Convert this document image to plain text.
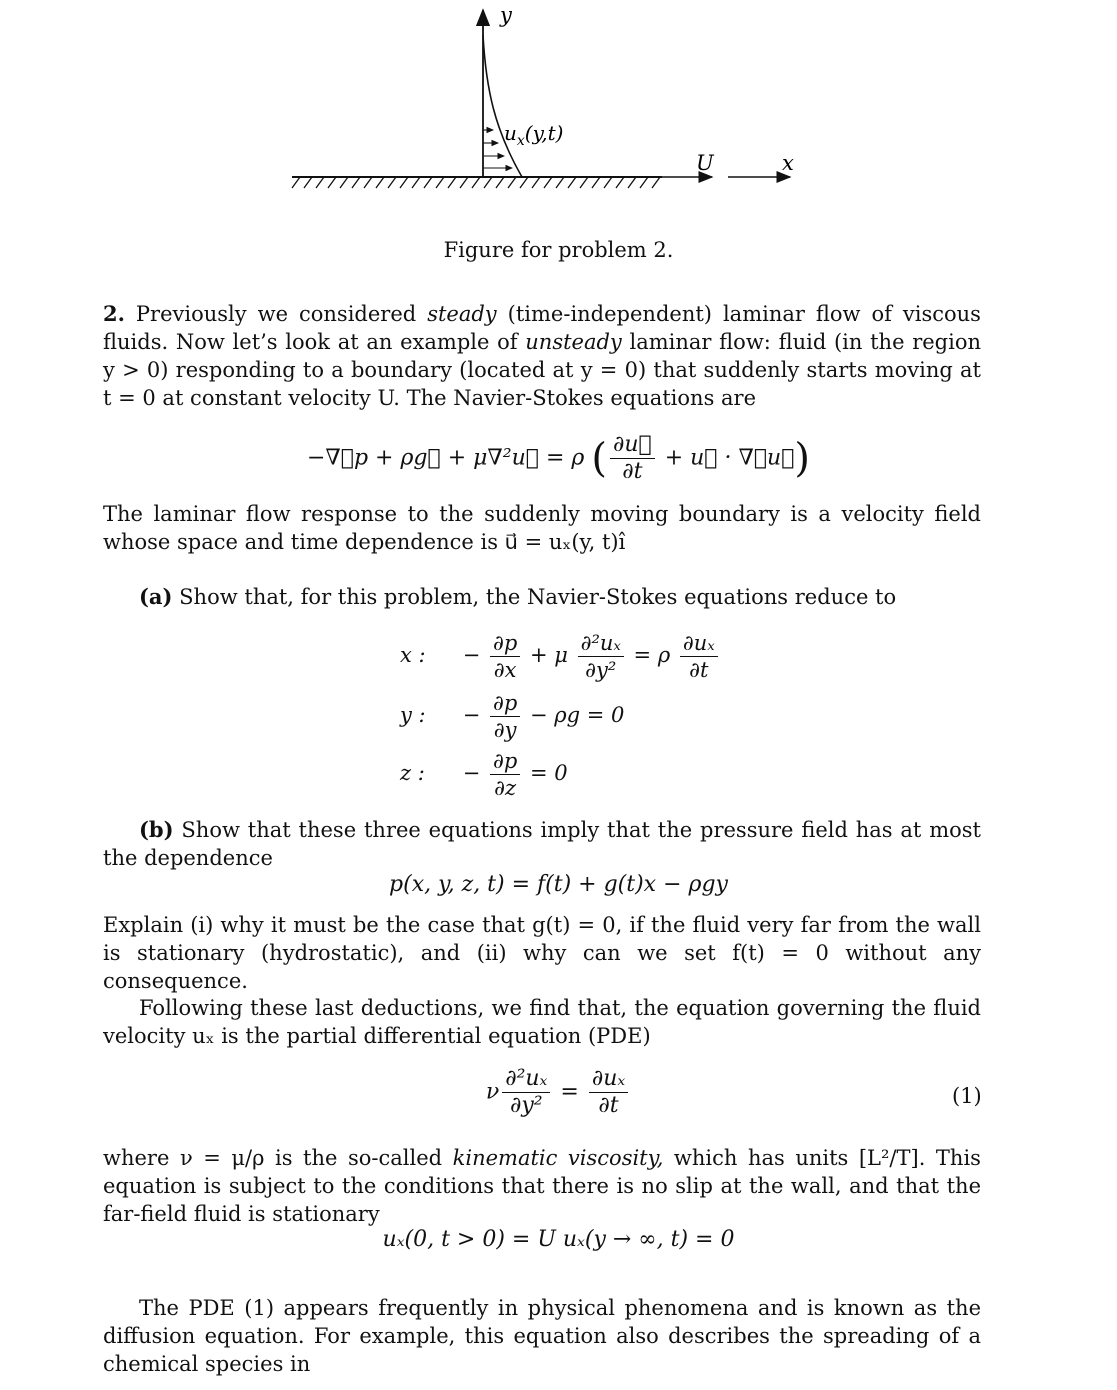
y
$u_x(y,t)$
U	x
Figure for problem 2.
2. Previously we considered steady (time-independent) laminar flow of viscous fluids. Now let’s look at an example of unsteady laminar flow: fluid (in the region y > 0) responding to a boundary (located at y = 0) that suddenly starts moving at t = 0 at constant velocity U. The Navier-Stokes equations are
−∇⃗p + ρg⃗ + μ∇²u⃗ = ρ ( $\frac{\partial u⃗}{\partial t}$ + u⃗ · ∇⃗u⃗)
The laminar flow response to the suddenly moving boundary is a velocity field whose space and time dependence is u⃗ = uₓ(y, t)î
(a) Show that, for this problem, the Navier-Stokes equations reduce to
x : − $\frac{\partial p}{\partial x} + \mu \frac{\text{∂²uₓ}}{\text{∂y²}} = \rho \frac{\text{∂uₓ}}{\partial t}$
y : − $\frac{\partial p}{\partial y} - \rho g = 0$
z : − $\frac{\partial p}{\partial z} = 0$
(b) Show that these three equations imply that the pressure field has at most the dependence
p(x, y, z, t) = f(t) + g(t)x − ρgy
Explain (i) why it must be the case that g(t) = 0, if the fluid very far from the wall is stationary (hydrostatic), and (ii) why can we set f(t) = 0 without any consequence.
Following these last deductions, we find that, the equation governing the fluid velocity uₓ is the partial differential equation (PDE)
ν $\frac{\text{∂²uₓ}}{\text{∂y²}} = \frac{\text{∂uₓ}}{\partial t}$	(1)
where ν = μ/ρ is the so-called kinematic viscosity, which has units [L²/T]. This equation is subject to the conditions that there is no slip at the wall, and that the far-field fluid is stationary
uₓ(0, t > 0) = U uₓ(y → ∞, t) = 0
The PDE (1) appears frequently in physical phenomena and is known as the diffusion equation. For example, this equation also describes the spreading of a chemical species in
